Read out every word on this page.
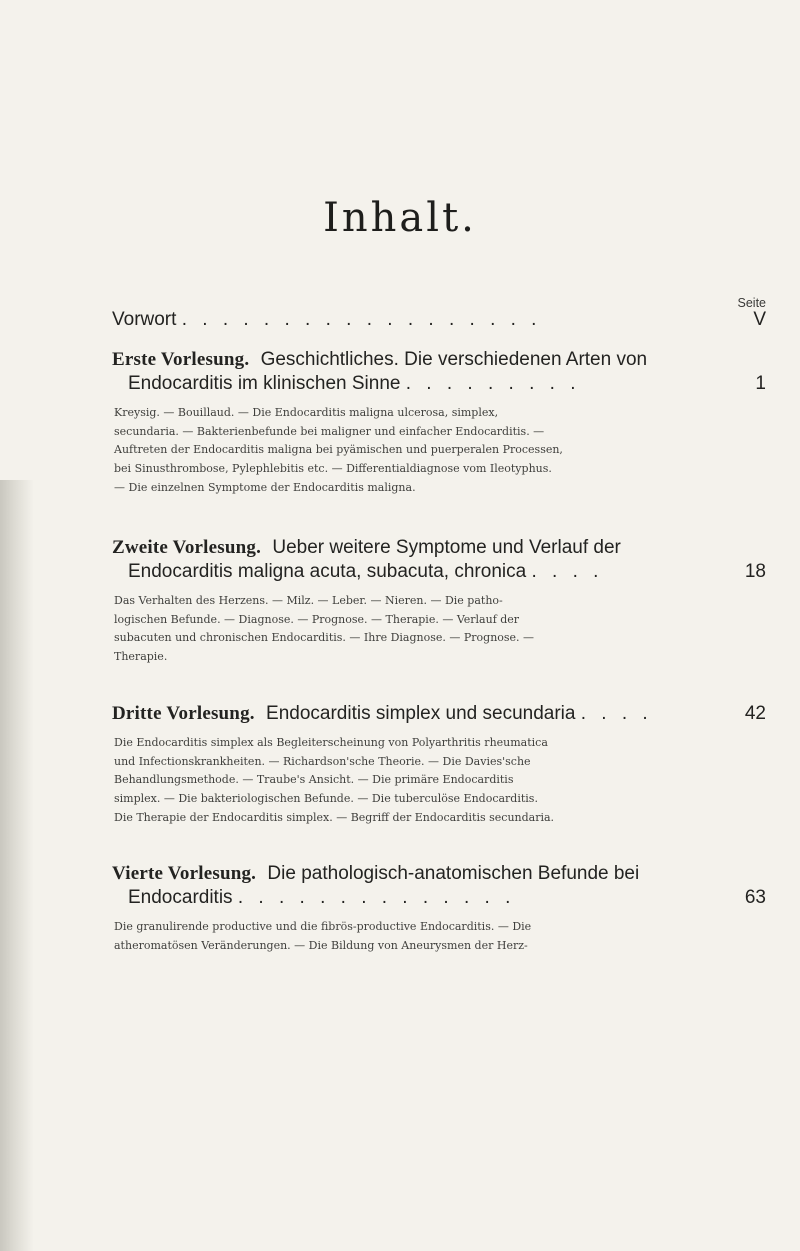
Inhalt.
Seite
Vorwort . . . . . . . . . . . . . . . . . .	V
Erste Vorlesung. Geschichtliches. Die verschiedenen Arten von
Endocarditis im klinischen Sinne . . . . . . . . .	1
Kreysig. — Bouillaud. — Die Endocarditis maligna ulcerosa, simplex,
secundaria. — Bakterienbefunde bei maligner und einfacher Endocarditis. —
Auftreten der Endocarditis maligna bei pyämischen und puerperalen Processen,
bei Sinusthrombose, Pylephlebitis etc. — Differentialdiagnose vom Ileotyphus.
— Die einzelnen Symptome der Endocarditis maligna.
Zweite Vorlesung. Ueber weitere Symptome und Verlauf der
Endocarditis maligna acuta, subacuta, chronica . . . .	18
Das Verhalten des Herzens. — Milz. — Leber. — Nieren. — Die patho-
logischen Befunde. — Diagnose. — Prognose. — Therapie. — Verlauf der
subacuten und chronischen Endocarditis. — Ihre Diagnose. — Prognose. —
Therapie.
Dritte Vorlesung. Endocarditis simplex und secundaria . . . .	42
Die Endocarditis simplex als Begleiterscheinung von Polyarthritis rheumatica
und Infectionskrankheiten. — Richardson'sche Theorie. — Die Davies'sche
Behandlungsmethode. — Traube's Ansicht. — Die primäre Endocarditis
simplex. — Die bakteriologischen Befunde. — Die tuberculöse Endocarditis.
Die Therapie der Endocarditis simplex. — Begriff der Endocarditis secundaria.
Vierte Vorlesung. Die pathologisch-anatomischen Befunde bei
Endocarditis . . . . . . . . . . . . . .	63
Die granulirende productive und die fibrös-productive Endocarditis. — Die
atheromatösen Veränderungen. — Die Bildung von Aneurysmen der Herz-
